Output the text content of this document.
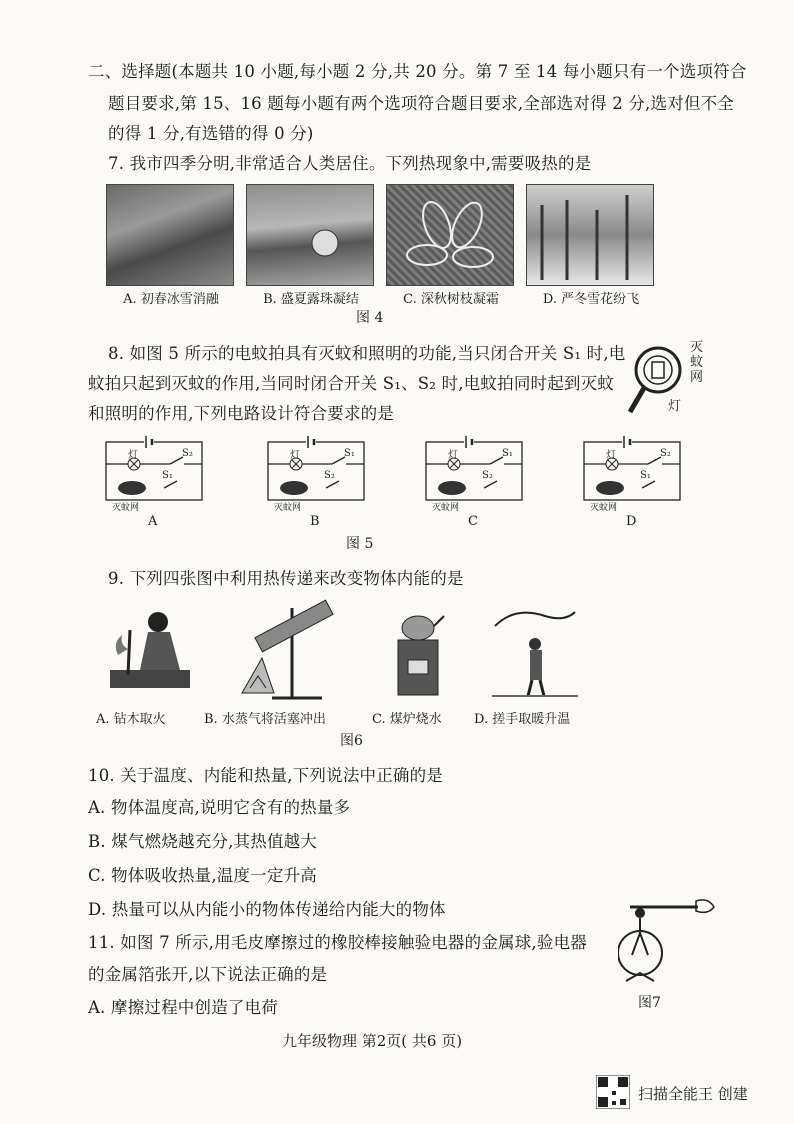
二、选择题(本题共 10 小题,每小题 2 分,共 20 分。第 7 至 14 每小题只有一个选项符合
题目要求,第 15、16 题每小题有两个选项符合题目要求,全部选对得 2 分,选对但不全
的得 1 分,有选错的得 0 分)
7. 我市四季分明,非常适合人类居住。下列热现象中,需要吸热的是
A. 初春冰雪消融	B. 盛夏露珠凝结	C. 深秋树枝凝霜	D. 严冬雪花纷飞
图 4
8. 如图 5 所示的电蚊拍具有灭蚊和照明的功能,当只闭合开关 S₁ 时,电
蚊拍只起到灭蚊的作用,当同时闭合开关 S₁、S₂ 时,电蚊拍同时起到灭蚊
和照明的作用,下列电路设计符合要求的是
灭
蚊
网
灯
灯	S₂
S₁
灭蚊网
A
灯	S₁
S₂
灭蚊网
B
灯	S₁
S₂
灭蚊网
C
灯	S₂
S₁
灭蚊网
D
图 5
9. 下列四张图中利用热传递来改变物体内能的是
A. 钻木取火	B. 水蒸气将活塞冲出	C. 煤炉烧水	D. 搓手取暖升温
图6
10. 关于温度、内能和热量,下列说法中正确的是
A. 物体温度高,说明它含有的热量多
B. 煤气燃烧越充分,其热值越大
C. 物体吸收热量,温度一定升高
D. 热量可以从内能小的物体传递给内能大的物体
11. 如图 7 所示,用毛皮摩擦过的橡胶棒接触验电器的金属球,验电器
的金属箔张开,以下说法正确的是
A. 摩擦过程中创造了电荷	图7
九年级物理 第2页( 共6 页)
扫描全能王 创建
